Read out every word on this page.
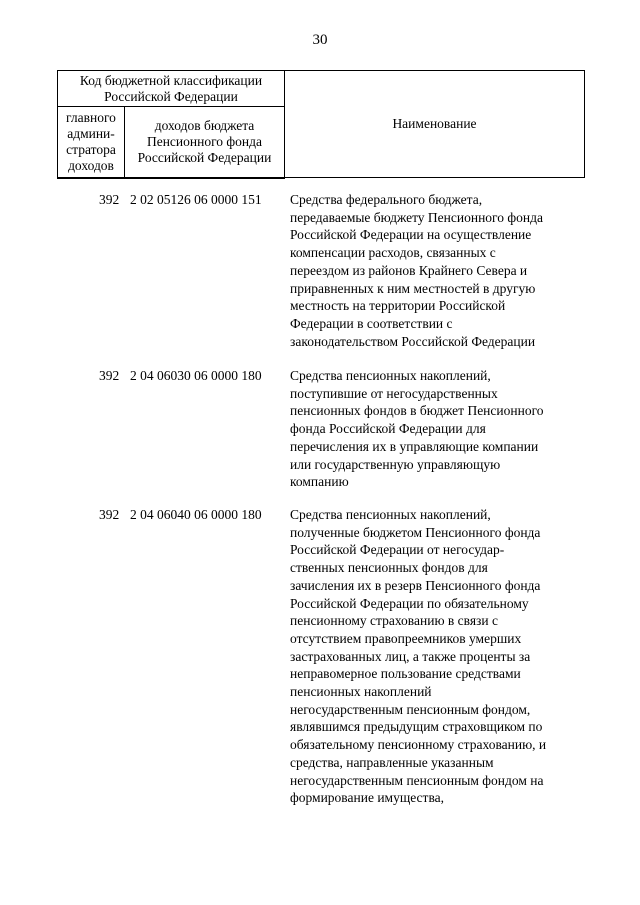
30
Код бюджетной классификации Российской Федерации		Наименование
главного админи-стратора доходов	доходов бюджета Пенсионного фонда Российской Федерации	
392 2 02 05126 06 0000 151 Средства федерального бюджета,
передаваемые бюджету Пенсионного фонда
Российской Федерации на осуществление
компенсации расходов, связанных с
переездом из районов Крайнего Севера и
приравненных к ним местностей в другую
местность на территории Российской
Федерации в соответствии с
законодательством Российской Федерации
392 2 04 06030 06 0000 180 Средства пенсионных накоплений,
поступившие от негосударственных
пенсионных фондов в бюджет Пенсионного
фонда Российской Федерации для
перечисления их в управляющие компании
или государственную управляющую
компанию
392 2 04 06040 06 0000 180 Средства пенсионных накоплений,
полученные бюджетом Пенсионного фонда
Российской Федерации от негосудар-
ственных пенсионных фондов для
зачисления их в резерв Пенсионного фонда
Российской Федерации по обязательному
пенсионному страхованию в связи с
отсутствием правопреемников умерших
застрахованных лиц, а также проценты за
неправомерное пользование средствами
пенсионных накоплений
негосударственным пенсионным фондом,
являвшимся предыдущим страховщиком по
обязательному пенсионному страхованию, и
средства, направленные указанным
негосударственным пенсионным фондом на
формирование имущества,
